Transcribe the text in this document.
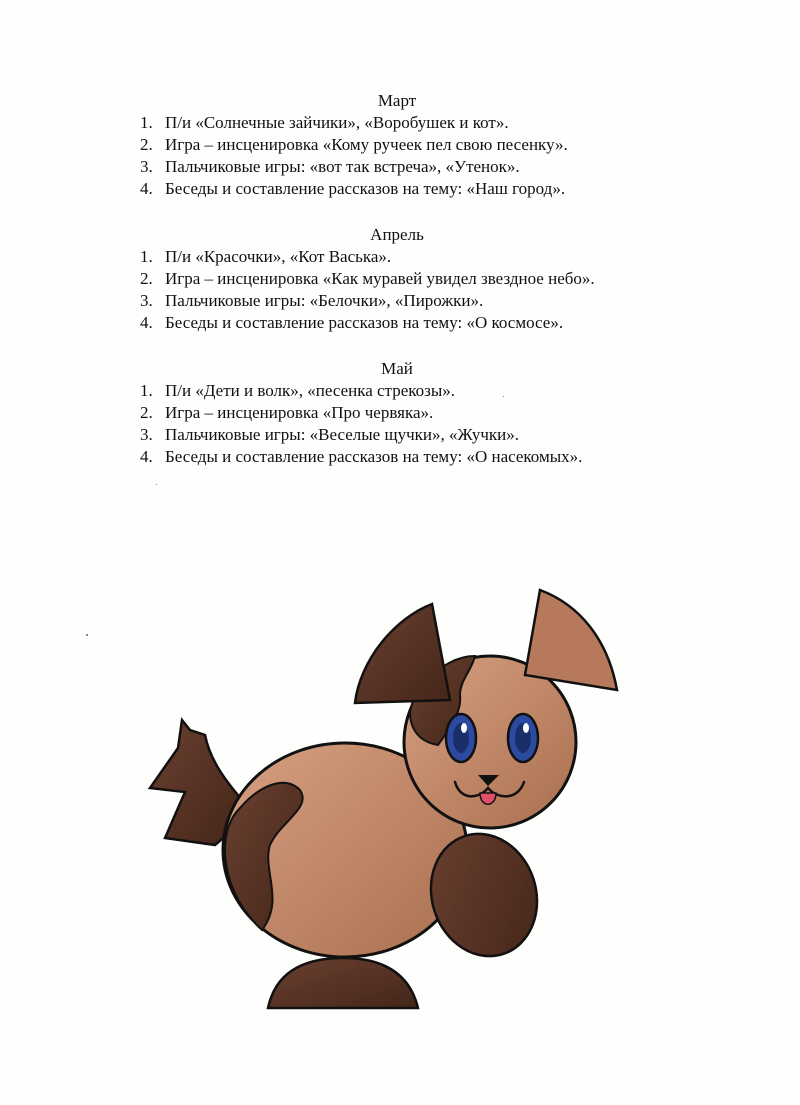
Март
1. П/и «Солнечные зайчики», «Воробушек и кот».
2. Игра – инсценировка «Кому ручеек пел свою песенку».
3. Пальчиковые игры: «вот так встреча», «Утенок».
4. Беседы и составление рассказов на тему: «Наш город».
Апрель
1. П/и «Красочки», «Кот Васька».
2. Игра – инсценировка «Как муравей увидел звездное небо».
3. Пальчиковые игры: «Белочки», «Пирожки».
4. Беседы и составление рассказов на тему: «О космосе».
Май
1. П/и «Дети и волк», «песенка стрекозы».
2. Игра – инсценировка «Про червяка».
3. Пальчиковые игры: «Веселые щучки», «Жучки».
4. Беседы и составление рассказов на тему: «О насекомых».
